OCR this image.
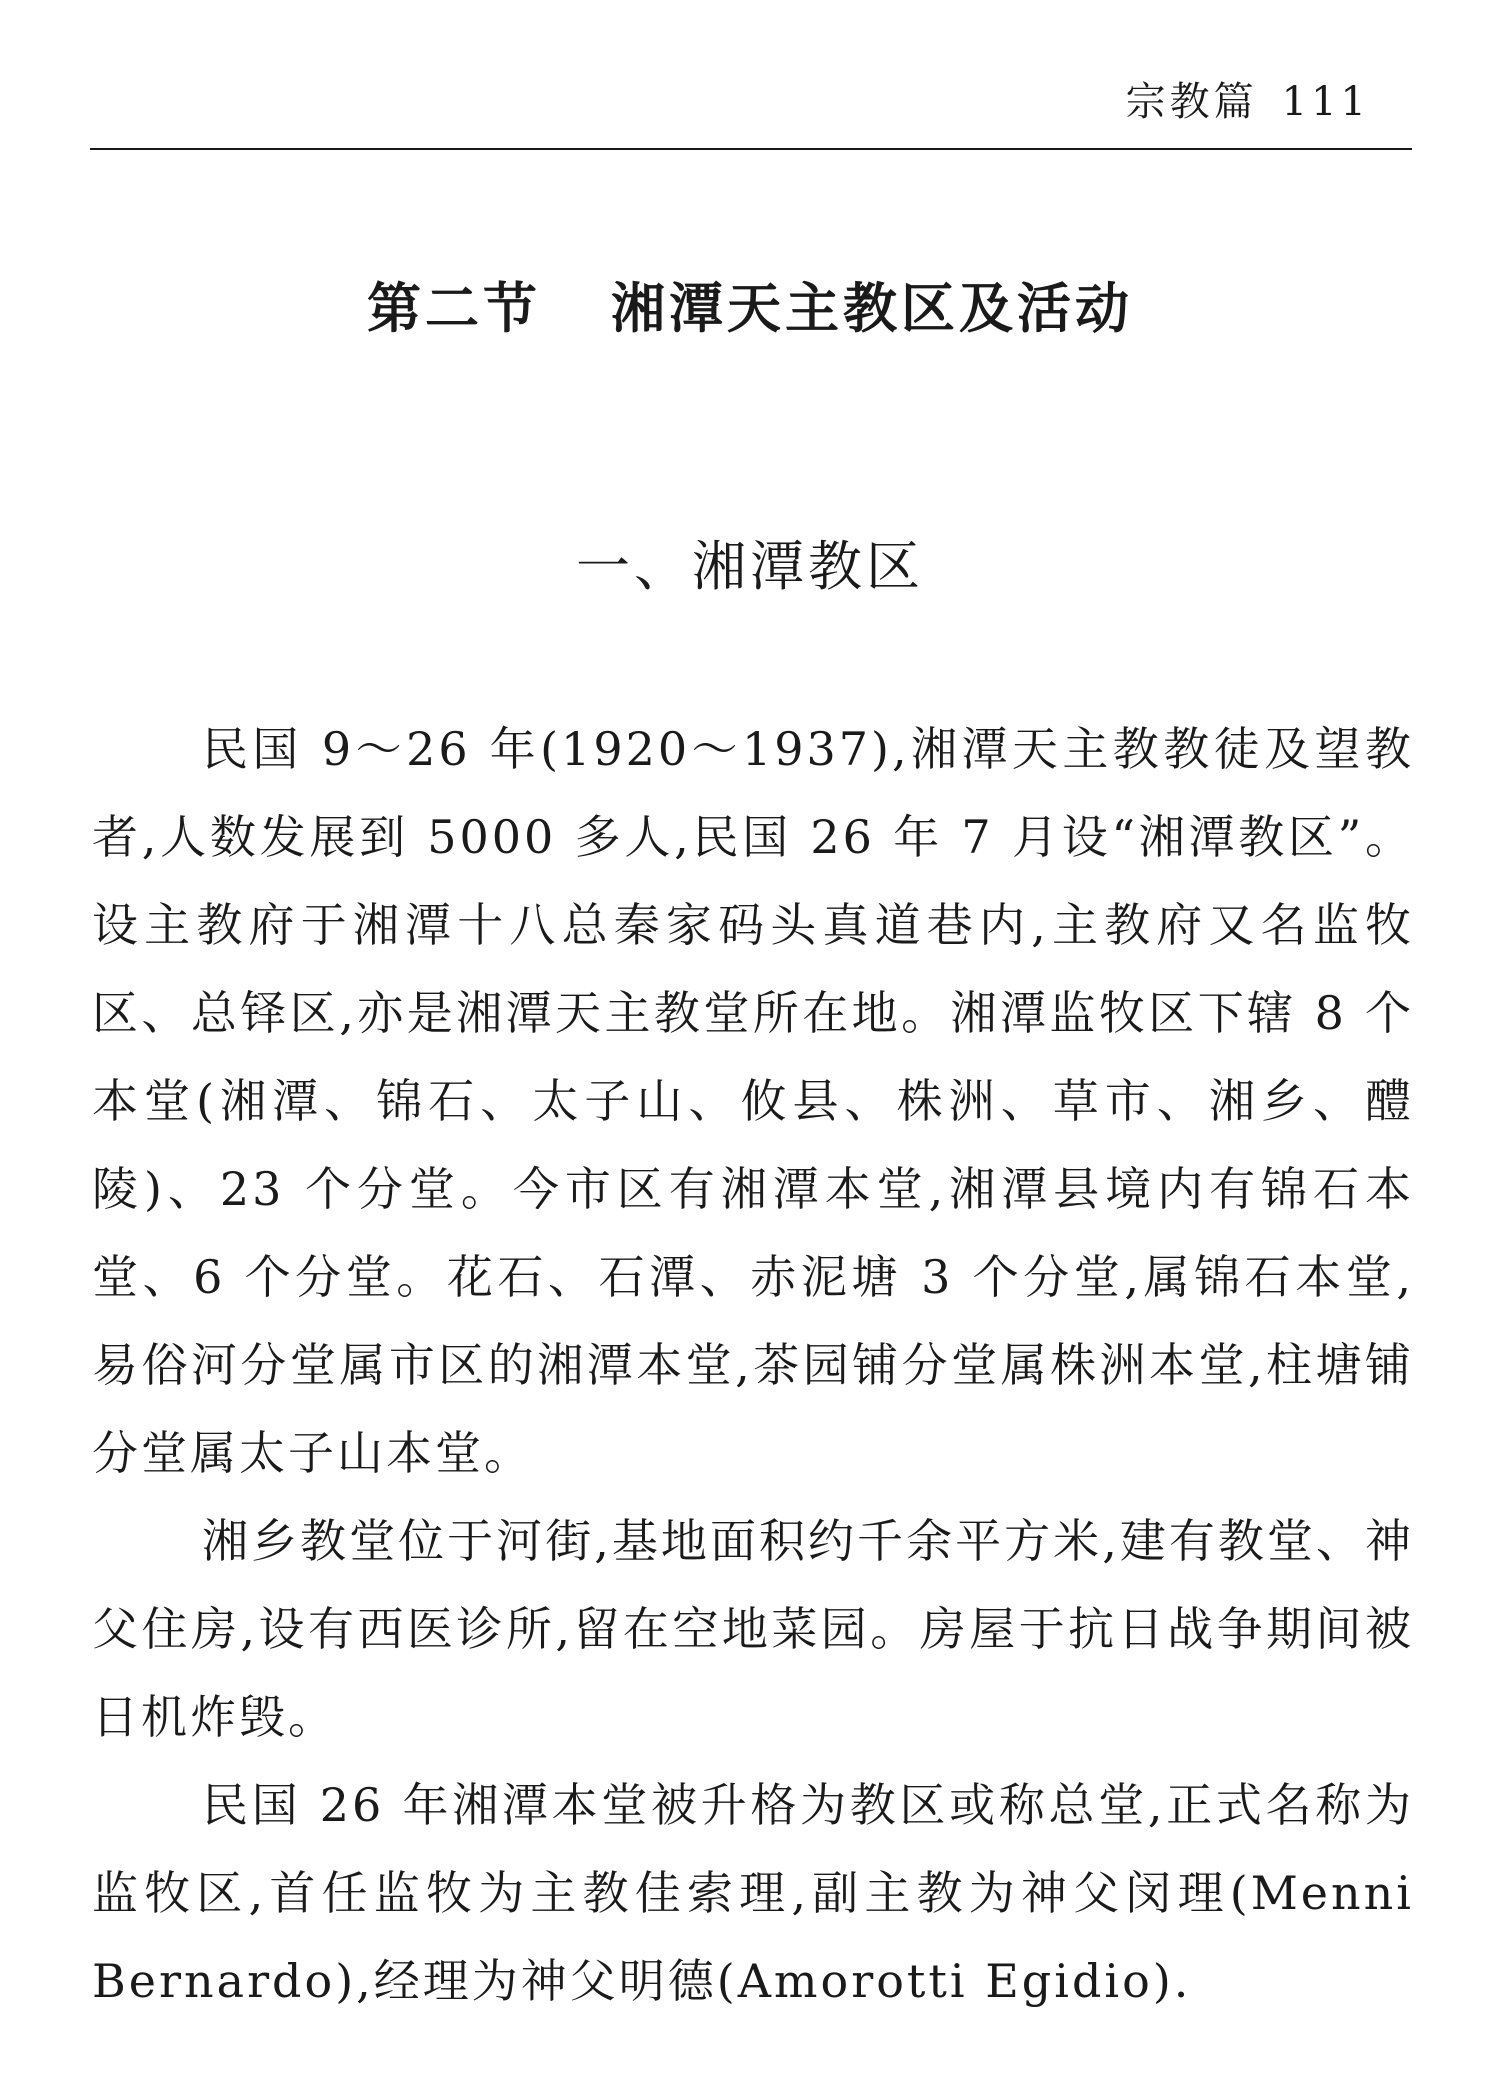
宗教篇 111
第二节 湘潭天主教区及活动
一、湘潭教区

民国 9～26 年(1920～1937),湘潭天主教教徒及望教者,人数发展到 5000 多人,民国 26 年 7 月设“湘潭教区”。设主教府于湘潭十八总秦家码头真道巷内,主教府又名监牧区、总铎区,亦是湘潭天主教堂所在地。湘潭监牧区下辖 8 个本堂(湘潭、锦石、太子山、攸县、株洲、草市、湘乡、醴陵)、23 个分堂。今市区有湘潭本堂,湘潭县境内有锦石本堂、6 个分堂。花石、石潭、赤泥塘 3 个分堂,属锦石本堂,易俗河分堂属市区的湘潭本堂,茶园铺分堂属株洲本堂,柱塘铺分堂属太子山本堂。

湘乡教堂位于河街,基地面积约千余平方米,建有教堂、神父住房,设有西医诊所,留在空地菜园。房屋于抗日战争期间被日机炸毁。

民国 26 年湘潭本堂被升格为教区或称总堂,正式名称为监牧区,首任监牧为主教佳索理,副主教为神父闵理(Menni Bernardo),经理为神父明德(Amorotti Egidio).
